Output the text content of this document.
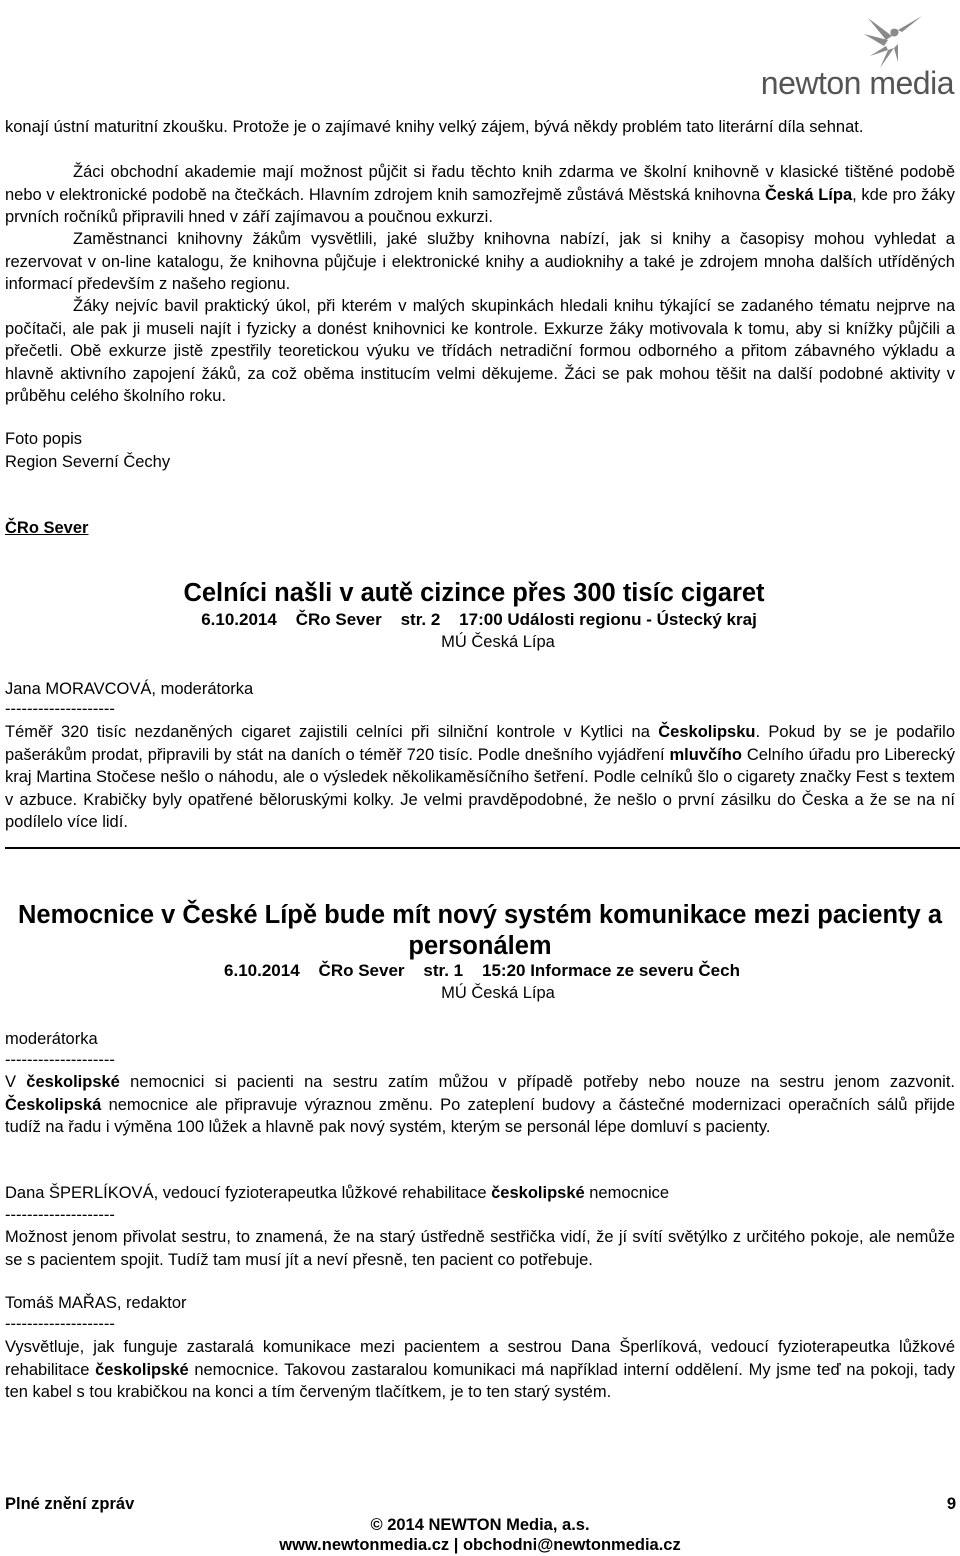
newton media
konají ústní maturitní zkoušku. Protože je o zajímavé knihy velký zájem, bývá někdy problém tato literární díla sehnat.
Žáci obchodní akademie mají možnost půjčit si řadu těchto knih zdarma ve školní knihovně v klasické tištěné podobě nebo v elektronické podobě na čtečkách. Hlavním zdrojem knih samozřejmě zůstává Městská knihovna Česká Lípa, kde pro žáky prvních ročníků připravili hned v září zajímavou a poučnou exkurzi.
Zaměstnanci knihovny žákům vysvětlili, jaké služby knihovna nabízí, jak si knihy a časopisy mohou vyhledat a rezervovat v on-line katalogu, že knihovna půjčuje i elektronické knihy a audioknihy a také je zdrojem mnoha dalších utříděných informací především z našeho regionu.
Žáky nejvíc bavil praktický úkol, při kterém v malých skupinkách hledali knihu týkající se zadaného tématu nejprve na počítači, ale pak ji museli najít i fyzicky a donést knihovnici ke kontrole. Exkurze žáky motivovala k tomu, aby si knížky půjčili a přečetli. Obě exkurze jistě zpestřily teoretickou výuku ve třídách netradiční formou odborného a přitom zábavného výkladu a hlavně aktivního zapojení žáků, za což oběma institucím velmi děkujeme. Žáci se pak mohou těšit na další podobné aktivity v průběhu celého školního roku.
Foto popis
Region Severní Čechy
ČRo Sever
Celníci našli v autě cizince přes 300 tisíc cigaret
6.10.2014    ČRo Sever    str. 2    17:00 Události regionu - Ústecký kraj
MÚ Česká Lípa
Jana MORAVCOVÁ, moderátorka
--------------------
Téměř 320 tisíc nezdaněných cigaret zajistili celníci při silniční kontrole v Kytlici na Českolipsku. Pokud by se je podařilo pašerákům prodat, připravili by stát na daních o téměř 720 tisíc. Podle dnešního vyjádření mluvčího Celního úřadu pro Liberecký kraj Martina Stočese nešlo o náhodu, ale o výsledek několikaměsíčního šetření. Podle celníků šlo o cigarety značky Fest s textem v azbuce. Krabičky byly opatřené běloruskými kolky. Je velmi pravděpodobné, že nešlo o první zásilku do Česka a že se na ní podílelo více lidí.
Nemocnice v České Lípě bude mít nový systém komunikace mezi pacienty a personálem
6.10.2014    ČRo Sever    str. 1    15:20 Informace ze severu Čech
MÚ Česká Lípa
moderátorka
--------------------
V českolipské nemocnici si pacienti na sestru zatím můžou v případě potřeby nebo nouze na sestru jenom zazvonit. Českolipská nemocnice ale připravuje výraznou změnu. Po zateplení budovy a částečné modernizaci operačních sálů přijde tudíž na řadu i výměna 100 lůžek a hlavně pak nový systém, kterým se personál lépe domluví s pacienty.
Dana ŠPERLÍKOVÁ, vedoucí fyzioterapeutka lůžkové rehabilitace českolipské nemocnice
--------------------
Možnost jenom přivolat sestru, to znamená, že na starý ústředně sestřička vidí, že jí svítí světýlko z určitého pokoje, ale nemůže se s pacientem spojit. Tudíž tam musí jít a neví přesně, ten pacient co potřebuje.
Tomáš MAŘAS, redaktor
--------------------
Vysvětluje, jak funguje zastaralá komunikace mezi pacientem a sestrou Dana Šperlíková, vedoucí fyzioterapeutka lůžkové rehabilitace českolipské nemocnice. Takovou zastaralou komunikaci má například interní oddělení. My jsme teď na pokoji, tady ten kabel s tou krabičkou na konci a tím červeným tlačítkem, je to ten starý systém.
Plné znění zpráv	9
© 2014 NEWTON Media, a.s.
www.newtonmedia.cz | obchodni@newtonmedia.cz
